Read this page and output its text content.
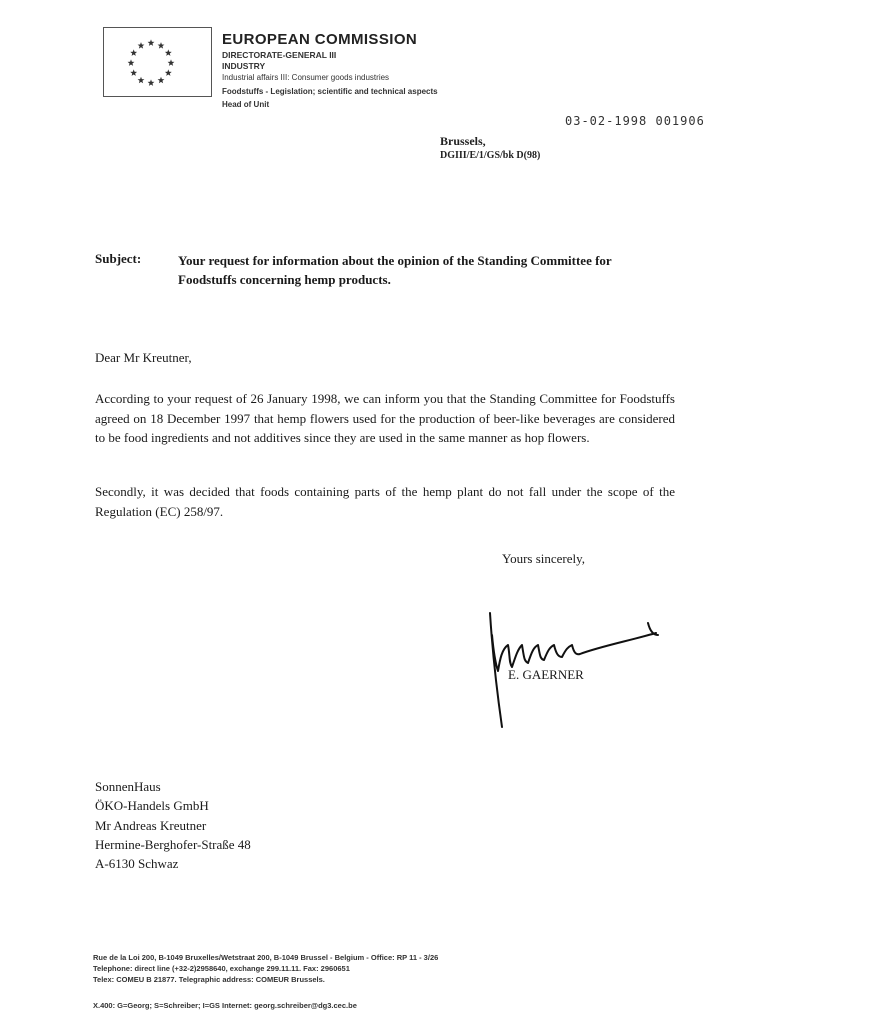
EUROPEAN COMMISSION
DIRECTORATE-GENERAL III
INDUSTRY
Industrial affairs III: Consumer goods industries
Foodstuffs - Legislation; scientific and technical aspects
Head of Unit
03-02-1998 001906
Brussels,
DGIII/E/1/GS/bk D(98)
Subject:	Your request for information about the opinion of the Standing Committee for Foodstuffs concerning hemp products.
Dear Mr Kreutner,
According to your request of 26 January 1998, we can inform you that the Standing Committee for Foodstuffs agreed on 18 December 1997 that hemp flowers used for the production of beer-like beverages are considered to be food ingredients and not additives since they are used in the same manner as hop flowers.
Secondly, it was decided that foods containing parts of the hemp plant do not fall under the scope of the Regulation (EC) 258/97.
Yours sincerely,
E. GAERNER
SonnenHaus
ÖKO-Handels GmbH
Mr Andreas Kreutner
Hermine-Berghofer-Straße 48
A-6130 Schwaz
Rue de la Loi 200, B-1049 Bruxelles/Wetstraat 200, B-1049 Brussel - Belgium - Office: RP 11 - 3/26
Telephone: direct line (+32-2)2958640, exchange 299.11.11. Fax: 2960651
Telex: COMEU B 21877. Telegraphic address: COMEUR Brussels.
X.400: G=Georg; S=Schreiber; I=GS Internet: georg.schreiber@dg3.cec.be
